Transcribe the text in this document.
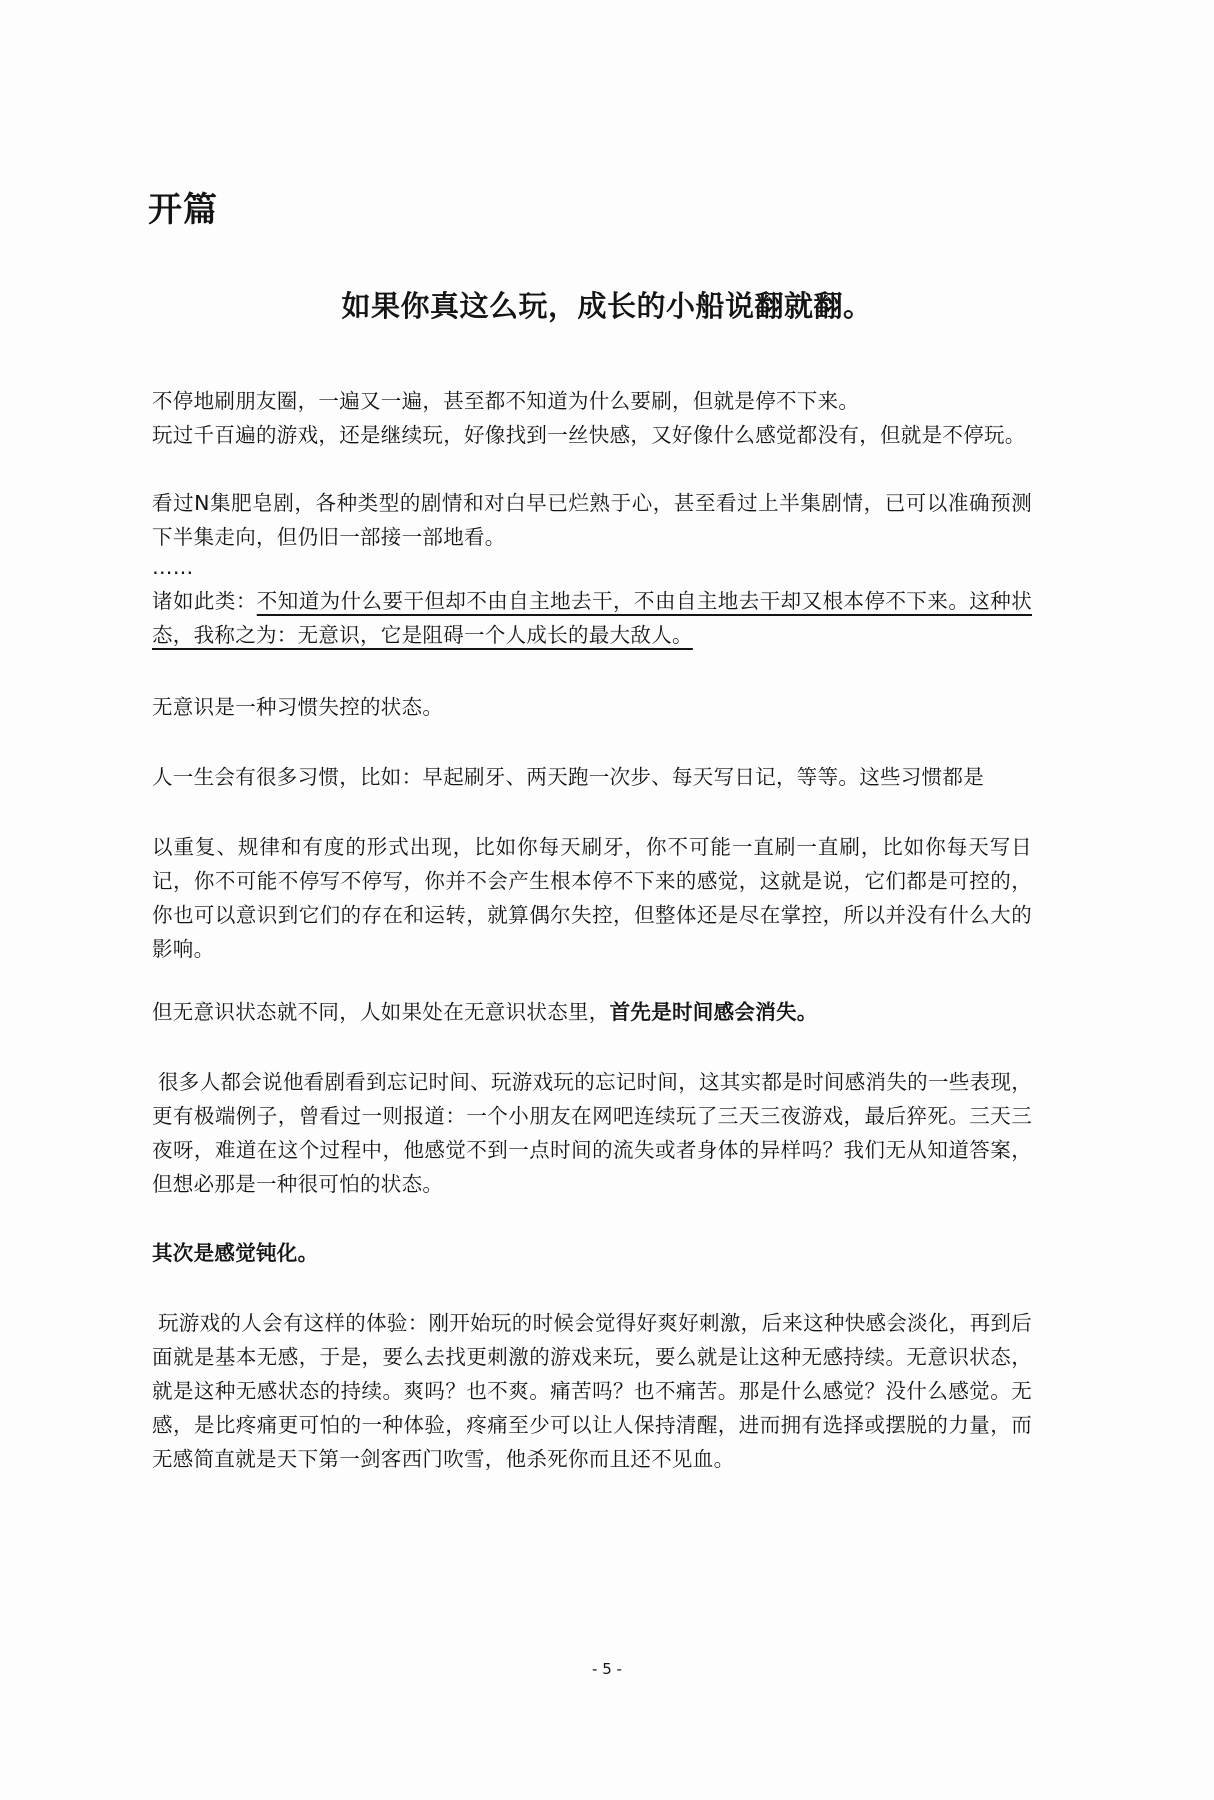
开篇
如果你真这么玩，成长的小船说翻就翻。

不停地刷朋友圈，一遍又一遍，甚至都不知道为什么要刷，但就是停不下来。

玩过千百遍的游戏，还是继续玩，好像找到一丝快感，又好像什么感觉都没有，但就是不停玩。

看过N集肥皂剧，各种类型的剧情和对白早已烂熟于心，甚至看过上半集剧情，已可以准确预测下半集走向，但仍旧一部接一部地看。

……

诸如此类：不知道为什么要干但却不由自主地去干，不由自主地去干却又根本停不下来。这种状态，我称之为：无意识，它是阻碍一个人成长的最大敌人。

无意识是一种习惯失控的状态。

人一生会有很多习惯，比如：早起刷牙、两天跑一次步、每天写日记，等等。这些习惯都是

以重复、规律和有度的形式出现，比如你每天刷牙，你不可能一直刷一直刷，比如你每天写日记，你不可能不停写不停写，你并不会产生根本停不下来的感觉，这就是说，它们都是可控的，你也可以意识到它们的存在和运转，就算偶尔失控，但整体还是尽在掌控，所以并没有什么大的影响。

但无意识状态就不同，人如果处在无意识状态里，首先是时间感会消失。

很多人都会说他看剧看到忘记时间、玩游戏玩的忘记时间，这其实都是时间感消失的一些表现，更有极端例子，曾看过一则报道：一个小朋友在网吧连续玩了三天三夜游戏，最后猝死。三天三夜呀，难道在这个过程中，他感觉不到一点时间的流失或者身体的异样吗？我们无从知道答案，但想必那是一种很可怕的状态。

其次是感觉钝化。

玩游戏的人会有这样的体验：刚开始玩的时候会觉得好爽好刺激，后来这种快感会淡化，再到后面就是基本无感，于是，要么去找更刺激的游戏来玩，要么就是让这种无感持续。无意识状态，就是这种无感状态的持续。爽吗？也不爽。痛苦吗？也不痛苦。那是什么感觉？没什么感觉。无感，是比疼痛更可怕的一种体验，疼痛至少可以让人保持清醒，进而拥有选择或摆脱的力量，而无感简直就是天下第一剑客西门吹雪，他杀死你而且还不见血。

- 5 -
